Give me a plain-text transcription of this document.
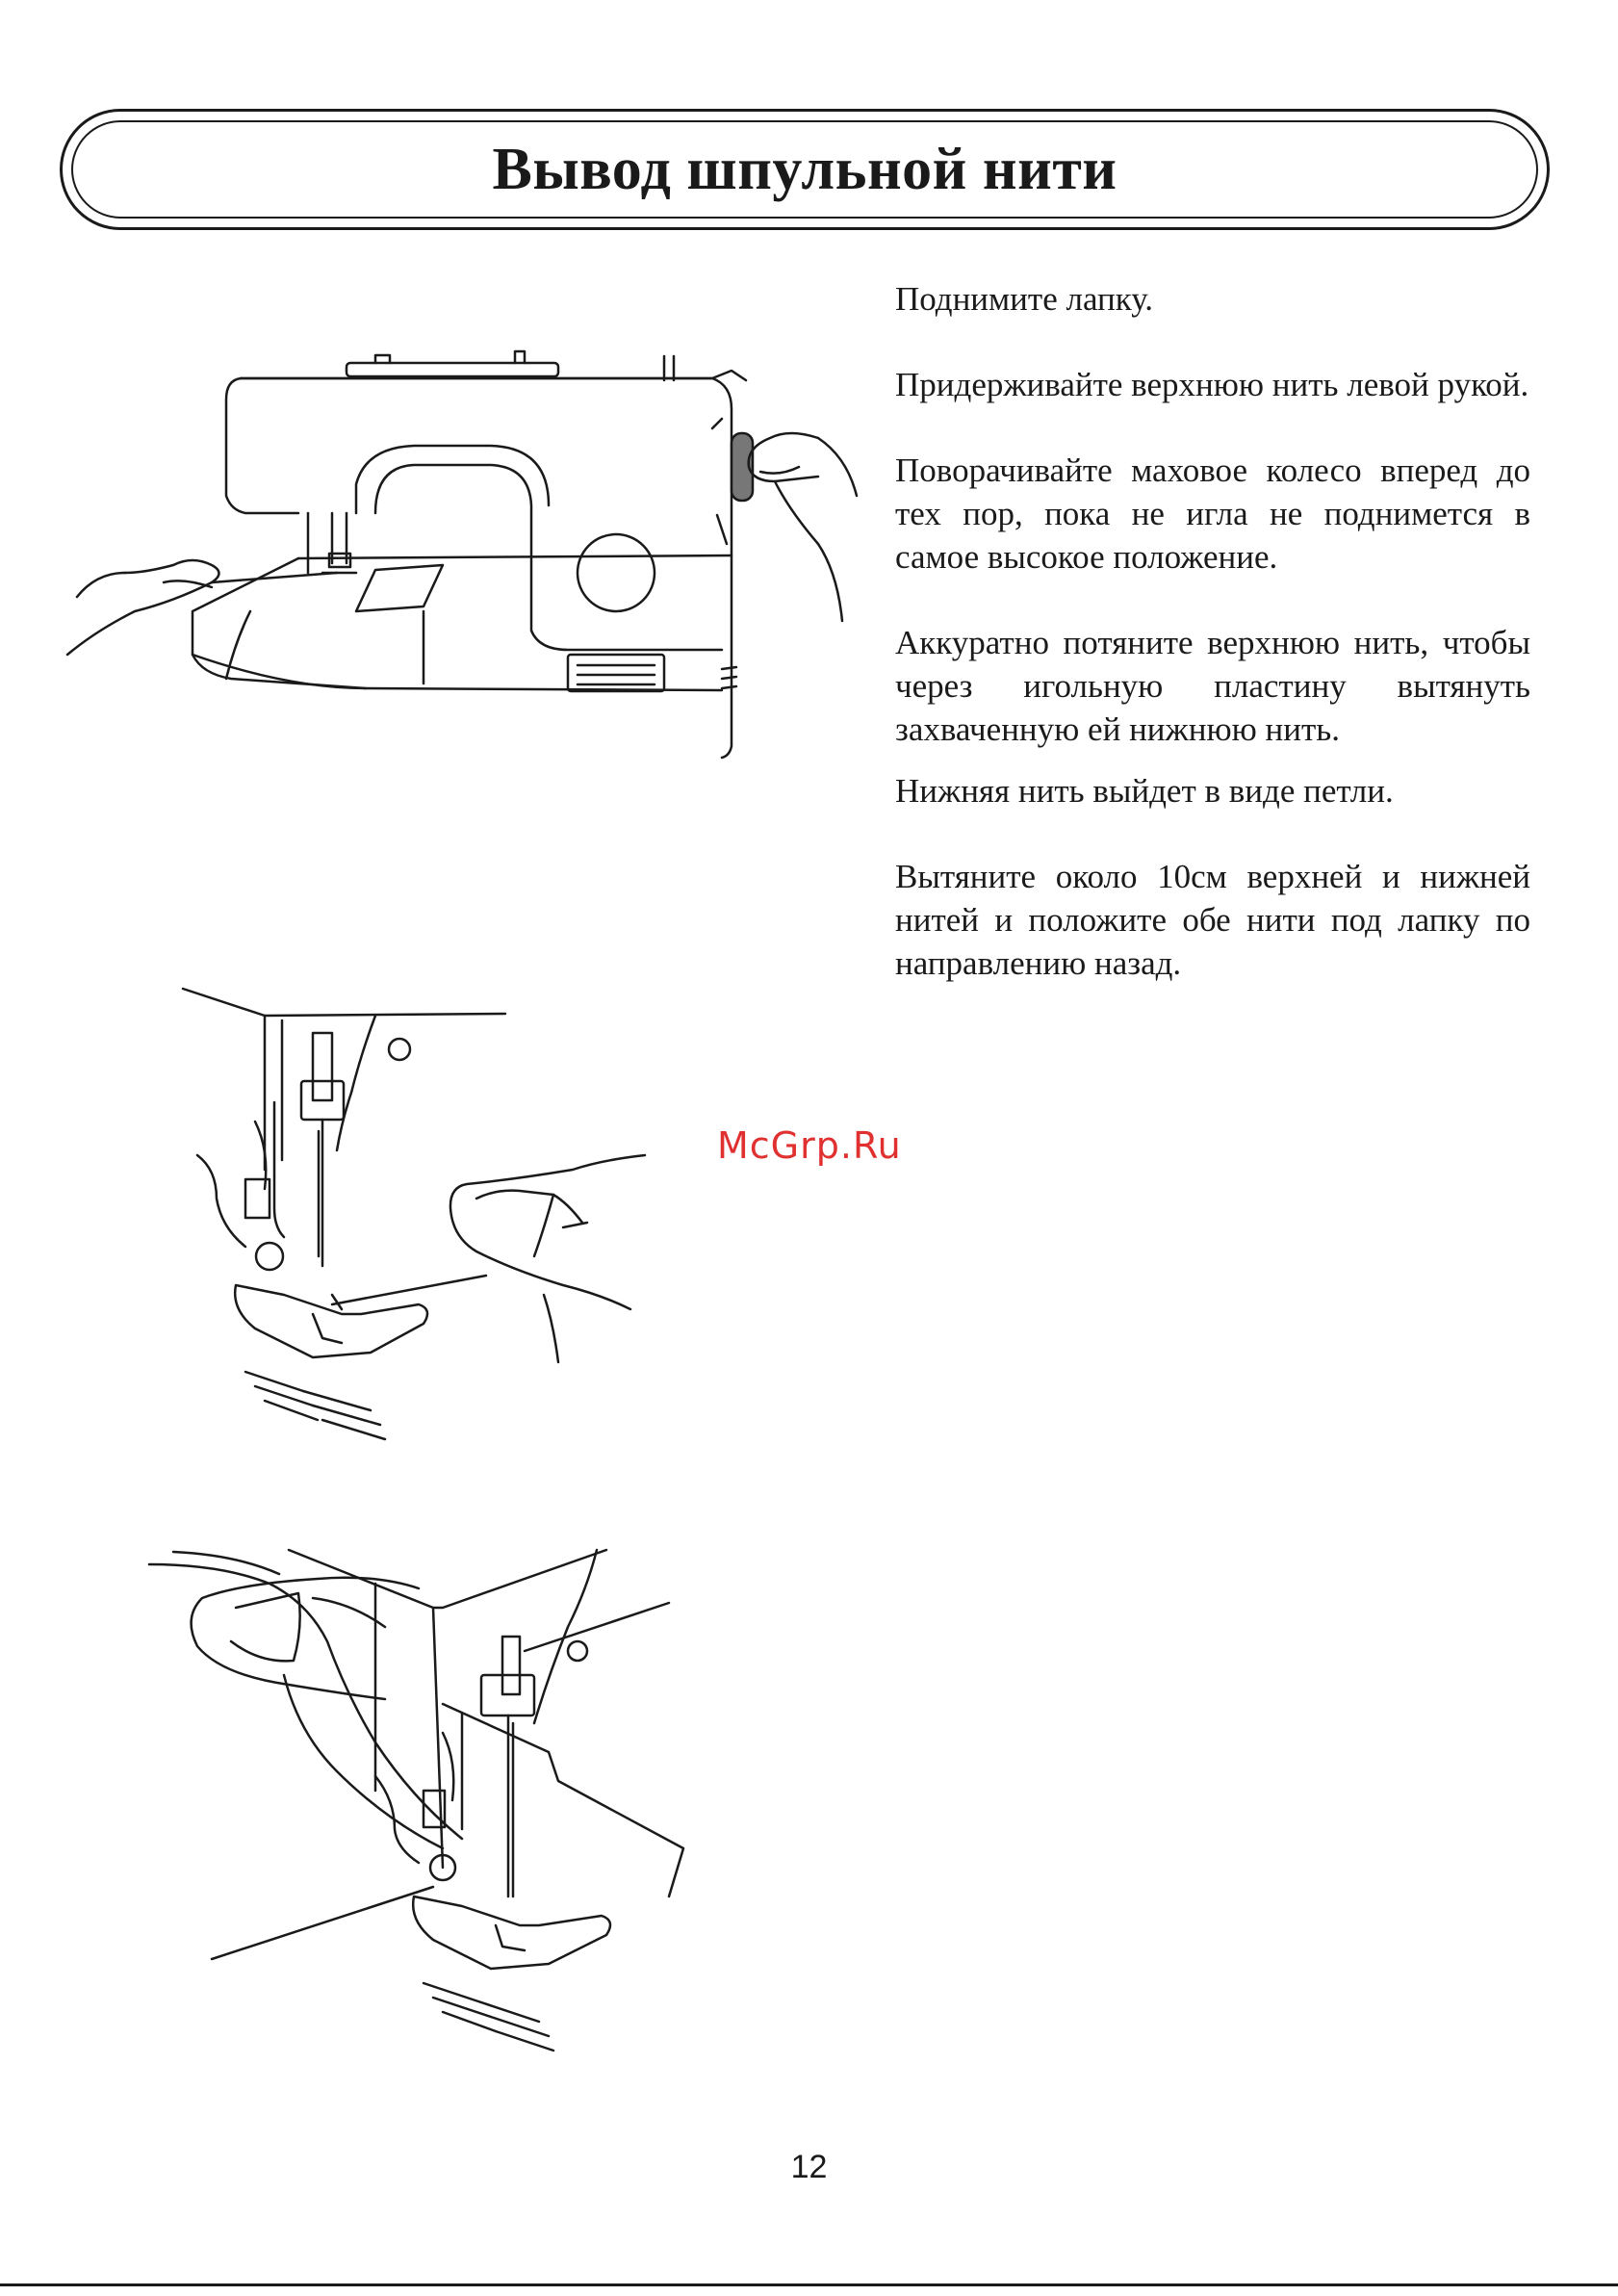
Вывод шпульной нити

Поднимите лапку.

Придерживайте верхнюю нить левой рукой.

Поворачивайте маховое колесо вперед до тех пор, пока не игла не поднимется в самое высокое положение.

Аккуратно потяните верхнюю нить, чтобы через игольную пластину вытянуть захваченную ей нижнюю нить.

Нижняя нить выйдет в виде петли.

Вытяните около 10см верхней и нижней нитей и положите обе нити под лапку по направлению назад.

McGrp.Ru
12
